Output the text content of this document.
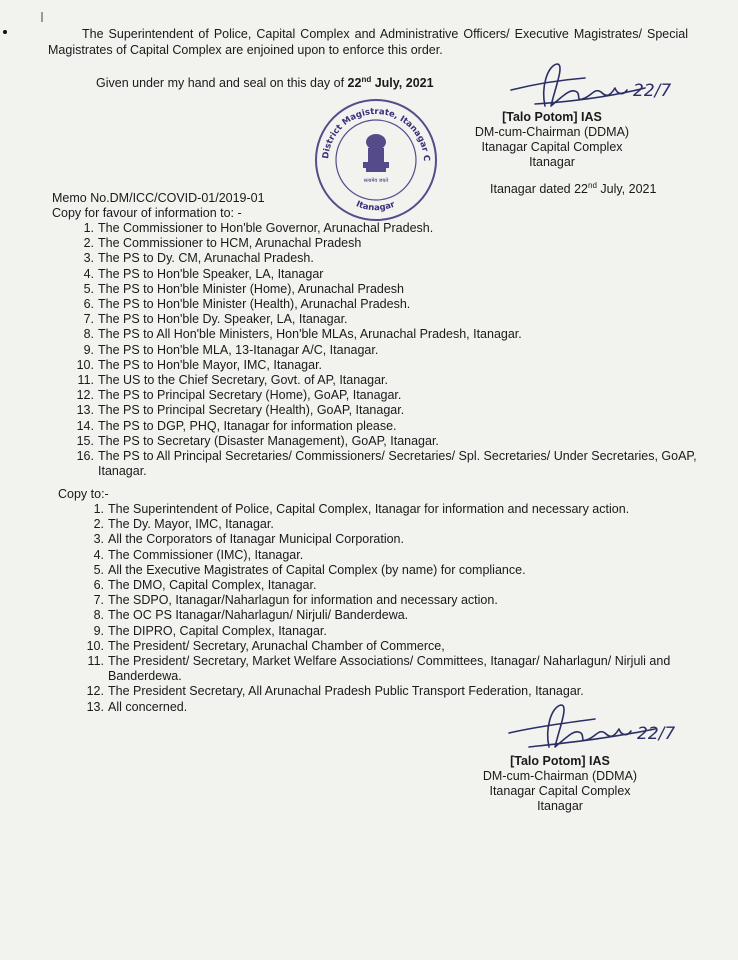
The Superintendent of Police, Capital Complex and Administrative Officers/ Executive Magistrates/ Special Magistrates of Capital Complex are enjoined upon to enforce this order.

Given under my hand and seal on this day of 22nd July, 2021	22/7
District Magistrate, Itanagar C
Itanagar
सत्यमेव जयते
[Talo Potom] IAS
DM-cum-Chairman (DDMA)
Itanagar Capital Complex
Itanagar
Memo No.DM/ICC/COVID-01/2019-01
Itanagar dated 22nd July, 2021
Copy for favour of information to: -
1. The Commissioner to Hon'ble Governor, Arunachal Pradesh.
2. The Commissioner to HCM, Arunachal Pradesh
3. The PS to Dy. CM, Arunachal Pradesh.
4. The PS to Hon'ble Speaker, LA, Itanagar
5. The PS to Hon'ble Minister (Home), Arunachal Pradesh
6. The PS to Hon'ble Minister (Health), Arunachal Pradesh.
7. The PS to Hon'ble Dy. Speaker, LA, Itanagar.
8. The PS to All Hon'ble Ministers, Hon'ble MLAs, Arunachal Pradesh, Itanagar.
9. The PS to Hon'ble MLA, 13-Itanagar A/C, Itanagar.
10. The PS to Hon'ble Mayor, IMC, Itanagar.
11. The US to the Chief Secretary, Govt. of AP, Itanagar.
12. The PS to Principal Secretary (Home), GoAP, Itanagar.
13. The PS to Principal Secretary (Health), GoAP, Itanagar.
14. The PS to DGP, PHQ, Itanagar for information please.
15. The PS to Secretary (Disaster Management), GoAP, Itanagar.
16. The PS to All Principal Secretaries/ Commissioners/ Secretaries/ Spl. Secretaries/ Under Secretaries, GoAP, Itanagar.
Copy to:-
1. The Superintendent of Police, Capital Complex, Itanagar for information and necessary action.
2. The Dy. Mayor, IMC, Itanagar.
3. All the Corporators of Itanagar Municipal Corporation.
4. The Commissioner (IMC), Itanagar.
5. All the Executive Magistrates of Capital Complex (by name) for compliance.
6. The DMO, Capital Complex, Itanagar.
7. The SDPO, Itanagar/Naharlagun for information and necessary action.
8. The OC PS Itanagar/Naharlagun/ Nirjuli/ Banderdewa.
9. The DIPRO, Capital Complex, Itanagar.
10. The President/ Secretary, Arunachal Chamber of Commerce,
11. The President/ Secretary, Market Welfare Associations/ Committees, Itanagar/ Naharlagun/ Nirjuli and Banderdewa.
12. The President Secretary, All Arunachal Pradesh Public Transport Federation, Itanagar.
13. All concerned.
22/7
[Talo Potom] IAS
DM-cum-Chairman (DDMA)
Itanagar Capital Complex
Itanagar
